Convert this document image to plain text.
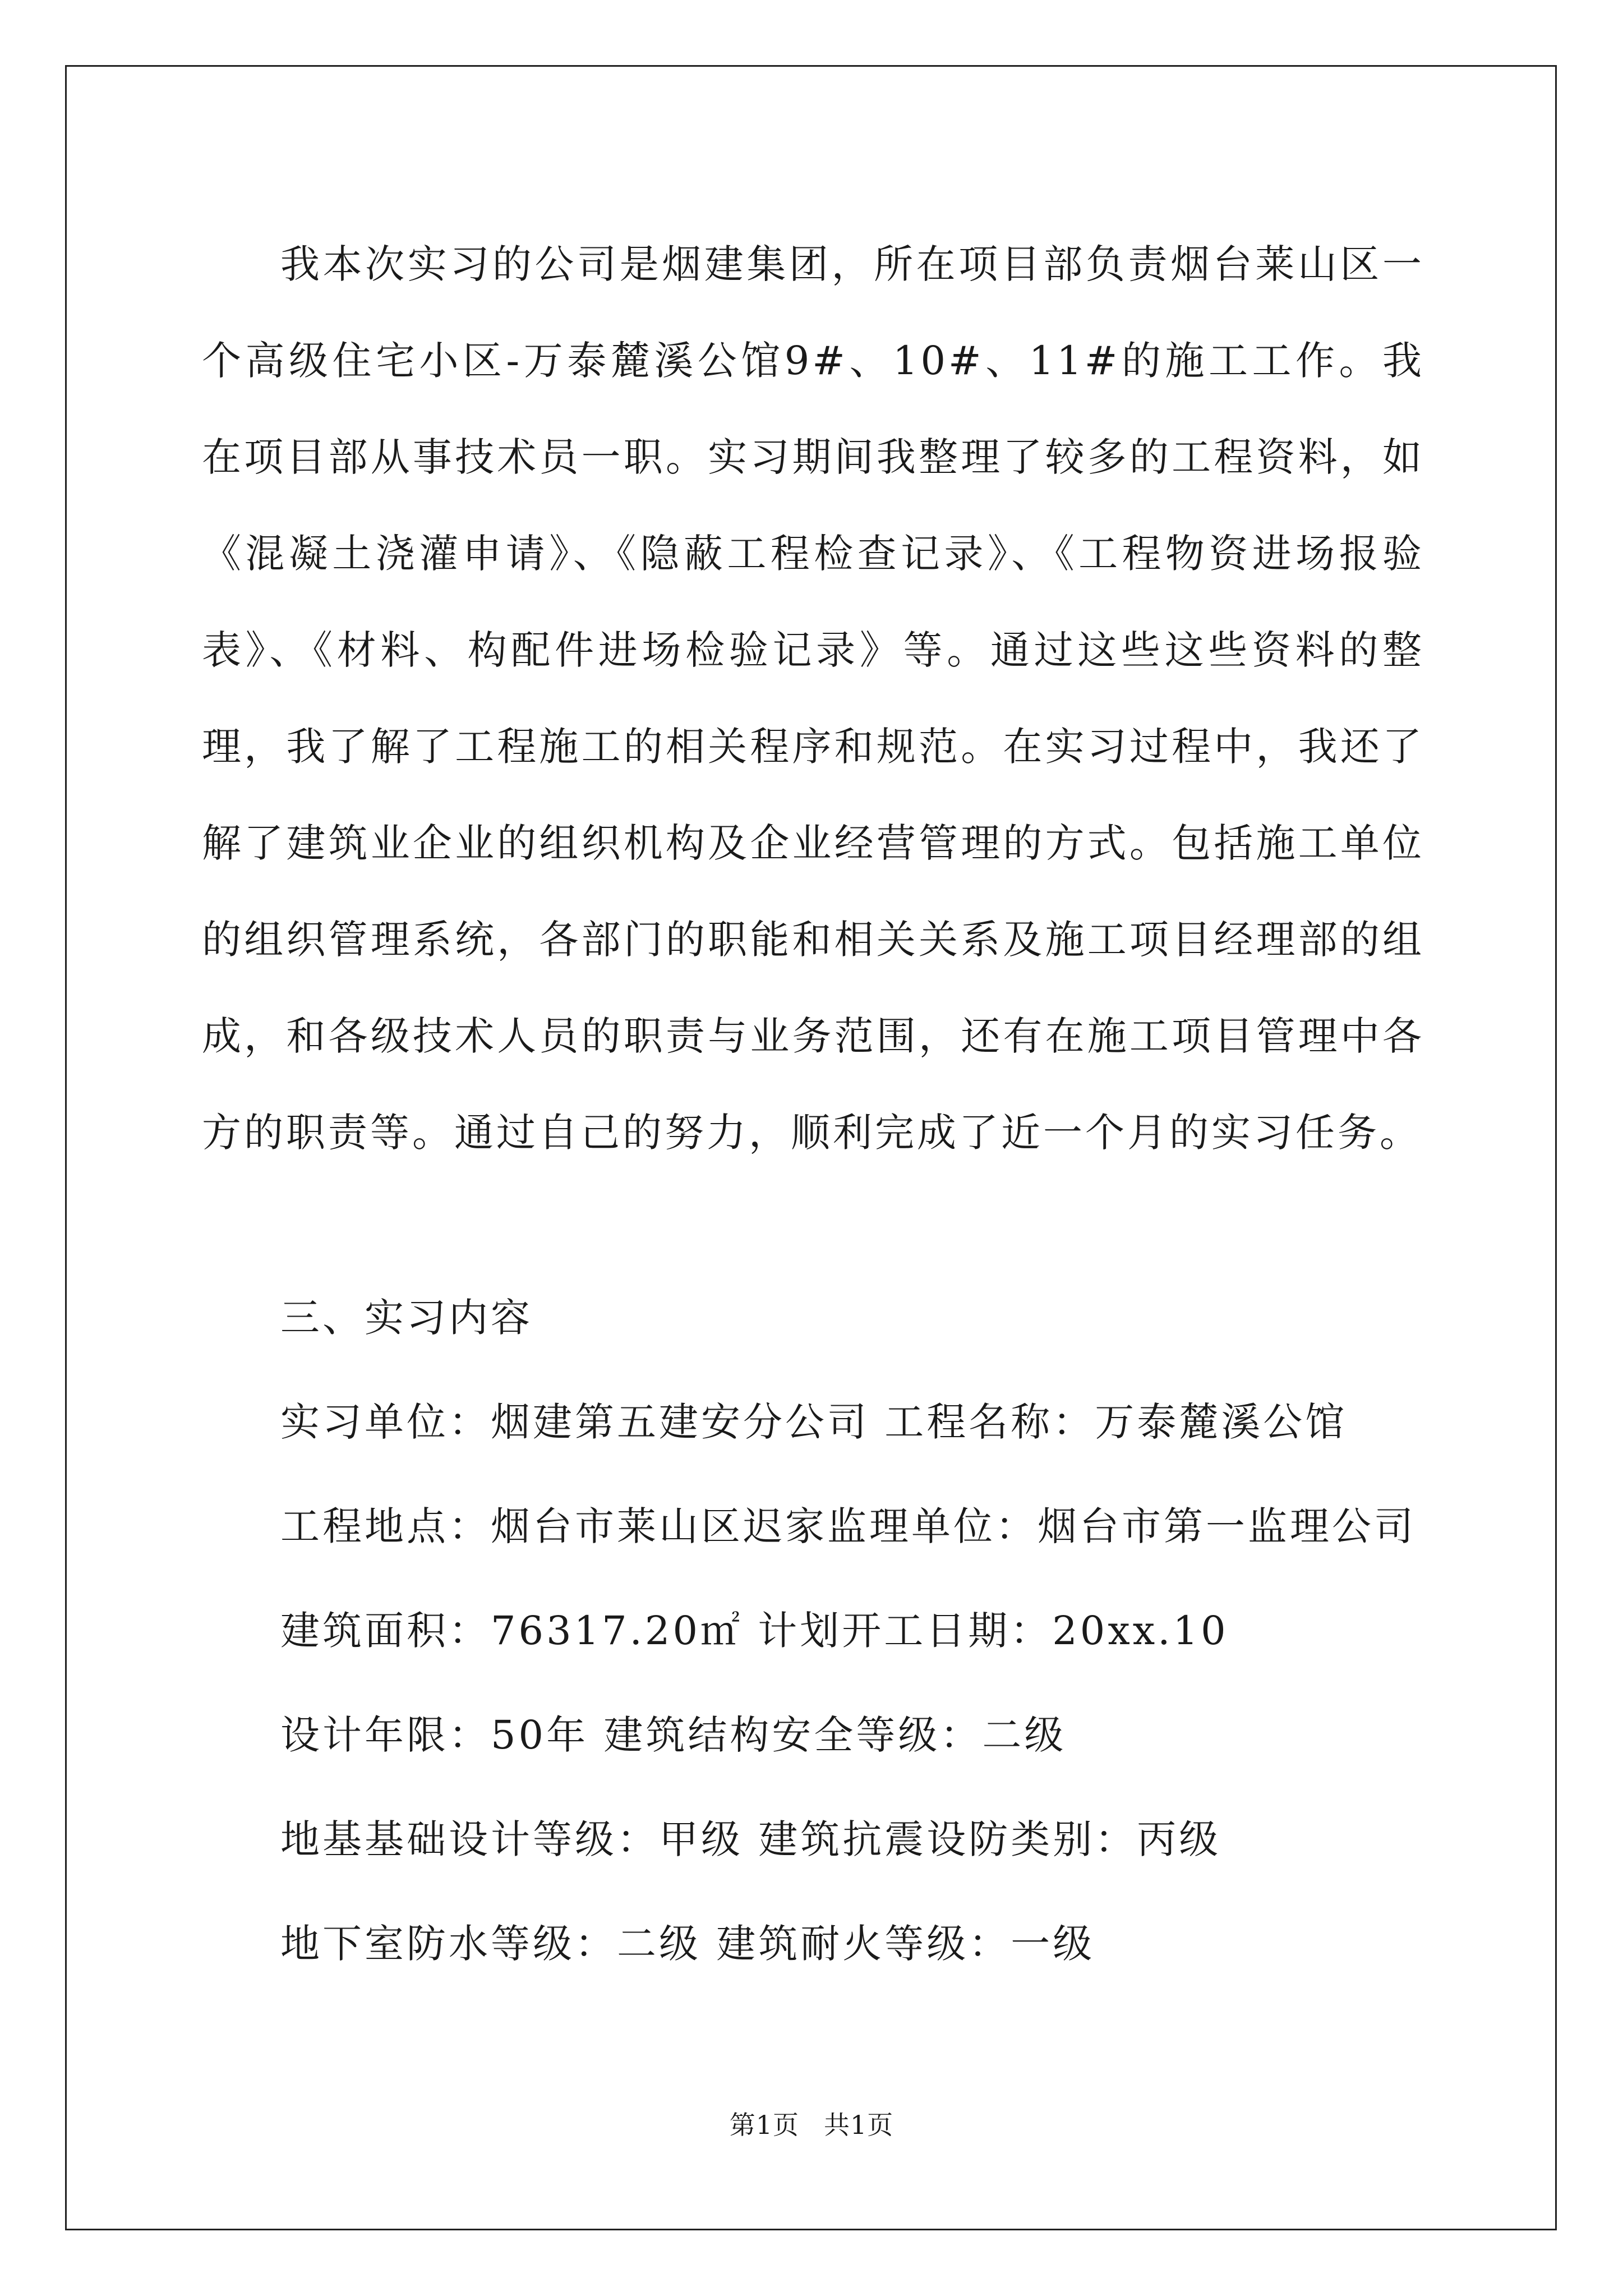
我本次实习的公司是烟建集团，所在项目部负责烟台莱山区一个高级住宅小区-万泰麓溪公馆9#、10#、11#的施工工作。我在项目部从事技术员一职。实习期间我整理了较多的工程资料，如《混凝土浇灌申请》、《隐蔽工程检查记录》、《工程物资进场报验表》、《材料、构配件进场检验记录》等。通过这些这些资料的整理，我了解了工程施工的相关程序和规范。在实习过程中，我还了解了建筑业企业的组织机构及企业经营管理的方式。包括施工单位的组织管理系统，各部门的职能和相关关系及施工项目经理部的组成，和各级技术人员的职责与业务范围，还有在施工项目管理中各方的职责等。通过自己的努力，顺利完成了近一个月的实习任务。

三、实习内容
实习单位：烟建第五建安分公司 工程名称：万泰麓溪公馆
工程地点：烟台市莱山区迟家监理单位：烟台市第一监理公司
建筑面积：76317.20㎡ 计划开工日期：20xx.10
设计年限：50年 建筑结构安全等级：二级
地基基础设计等级：甲级 建筑抗震设防类别：丙级
地下室防水等级：二级 建筑耐火等级：一级
第1页 共1页
